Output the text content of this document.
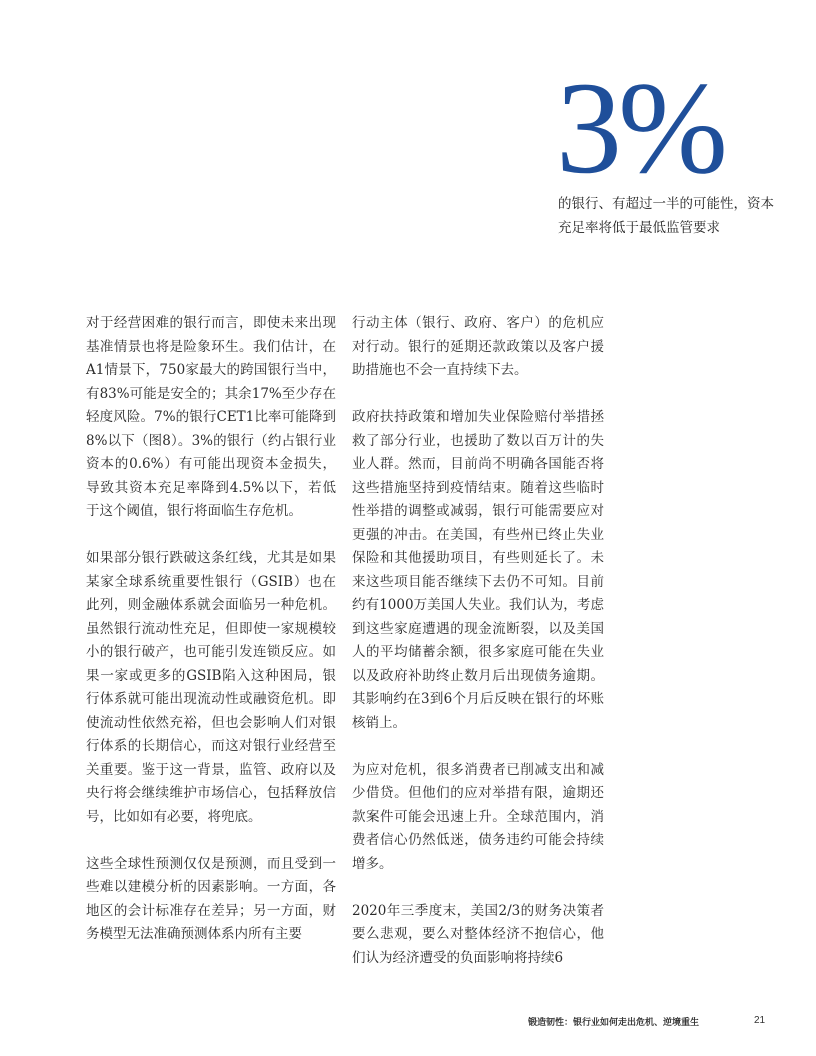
3%
的银行、有超过一半的可能性，资本充足率将低于最低监管要求

对于经营困难的银行而言，即使未来出现基准情景也将是险象环生。我们估计，在A1情景下，750家最大的跨国银行当中，有83%可能是安全的；其余17%至少存在轻度风险。7%的银行CET1比率可能降到8%以下（图8）。3%的银行（约占银行业资本的0.6%）有可能出现资本金损失，导致其资本充足率降到4.5%以下，若低于这个阈值，银行将面临生存危机。

如果部分银行跌破这条红线，尤其是如果某家全球系统重要性银行（GSIB）也在此列，则金融体系就会面临另一种危机。虽然银行流动性充足，但即使一家规模较小的银行破产，也可能引发连锁反应。如果一家或更多的GSIB陷入这种困局，银行体系就可能出现流动性或融资危机。即使流动性依然充裕，但也会影响人们对银行体系的长期信心，而这对银行业经营至关重要。鉴于这一背景，监管、政府以及央行将会继续维护市场信心，包括释放信号，比如如有必要，将兜底。

这些全球性预测仅仅是预测，而且受到一些难以建模分析的因素影响。一方面，各地区的会计标准存在差异；另一方面，财务模型无法准确预测体系内所有主要

行动主体（银行、政府、客户）的危机应对行动。银行的延期还款政策以及客户援助措施也不会一直持续下去。

政府扶持政策和增加失业保险赔付举措拯救了部分行业，也援助了数以百万计的失业人群。然而，目前尚不明确各国能否将这些措施坚持到疫情结束。随着这些临时性举措的调整或减弱，银行可能需要应对更强的冲击。在美国，有些州已终止失业保险和其他援助项目，有些则延长了。未来这些项目能否继续下去仍不可知。目前约有1000万美国人失业。我们认为，考虑到这些家庭遭遇的现金流断裂，以及美国人的平均储蓄余额，很多家庭可能在失业以及政府补助终止数月后出现债务逾期。其影响约在3到6个月后反映在银行的坏账核销上。

为应对危机，很多消费者已削减支出和减少借贷。但他们的应对举措有限，逾期还款案件可能会迅速上升。全球范围内，消费者信心仍然低迷，债务违约可能会持续增多。

2020年三季度末，美国2/3的财务决策者要么悲观，要么对整体经济不抱信心，他们认为经济遭受的负面影响将持续6

锻造韧性：银行业如何走出危机、逆境重生	21
